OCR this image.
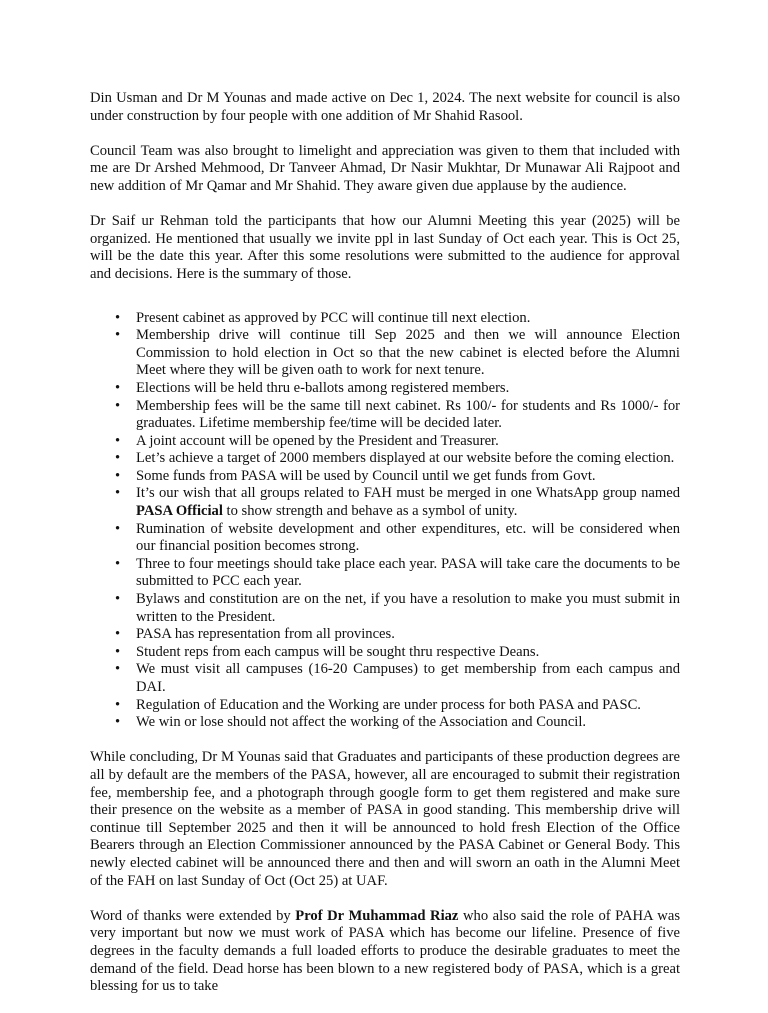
Din Usman and Dr M Younas and made active on Dec 1, 2024. The next website for council is also under construction by four people with one addition of Mr Shahid Rasool.

Council Team was also brought to limelight and appreciation was given to them that included with me are Dr Arshed Mehmood, Dr Tanveer Ahmad, Dr Nasir Mukhtar, Dr Munawar Ali Rajpoot and new addition of Mr Qamar and Mr Shahid. They aware given due applause by the audience.

Dr Saif ur Rehman told the participants that how our Alumni Meeting this year (2025) will be organized. He mentioned that usually we invite ppl in last Sunday of Oct each year. This is Oct 25, will be the date this year. After this some resolutions were submitted to the audience for approval and decisions. Here is the summary of those.

• Present cabinet as approved by PCC will continue till next election.
• Membership drive will continue till Sep 2025 and then we will announce Election Commission to hold election in Oct so that the new cabinet is elected before the Alumni Meet where they will be given oath to work for next tenure.
• Elections will be held thru e-ballots among registered members.
• Membership fees will be the same till next cabinet. Rs 100/- for students and Rs 1000/- for graduates. Lifetime membership fee/time will be decided later.
• A joint account will be opened by the President and Treasurer.
• Let’s achieve a target of 2000 members displayed at our website before the coming election.
• Some funds from PASA will be used by Council until we get funds from Govt.
• It’s our wish that all groups related to FAH must be merged in one WhatsApp group named PASA Official to show strength and behave as a symbol of unity.
• Rumination of website development and other expenditures, etc. will be considered when our financial position becomes strong.
• Three to four meetings should take place each year. PASA will take care the documents to be submitted to PCC each year.
• Bylaws and constitution are on the net, if you have a resolution to make you must submit in written to the President.
• PASA has representation from all provinces.
• Student reps from each campus will be sought thru respective Deans.
• We must visit all campuses (16-20 Campuses) to get membership from each campus and DAI.
• Regulation of Education and the Working are under process for both PASA and PASC.
• We win or lose should not affect the working of the Association and Council.

While concluding, Dr M Younas said that Graduates and participants of these production degrees are all by default are the members of the PASA, however, all are encouraged to submit their registration fee, membership fee, and a photograph through google form to get them registered and make sure their presence on the website as a member of PASA in good standing. This membership drive will continue till September 2025 and then it will be announced to hold fresh Election of the Office Bearers through an Election Commissioner announced by the PASA Cabinet or General Body. This newly elected cabinet will be announced there and then and will sworn an oath in the Alumni Meet of the FAH on last Sunday of Oct (Oct 25) at UAF.

Word of thanks were extended by Prof Dr Muhammad Riaz who also said the role of PAHA was very important but now we must work of PASA which has become our lifeline. Presence of five degrees in the faculty demands a full loaded efforts to produce the desirable graduates to meet the demand of the field. Dead horse has been blown to a new registered body of PASA, which is a great blessing for us to take
